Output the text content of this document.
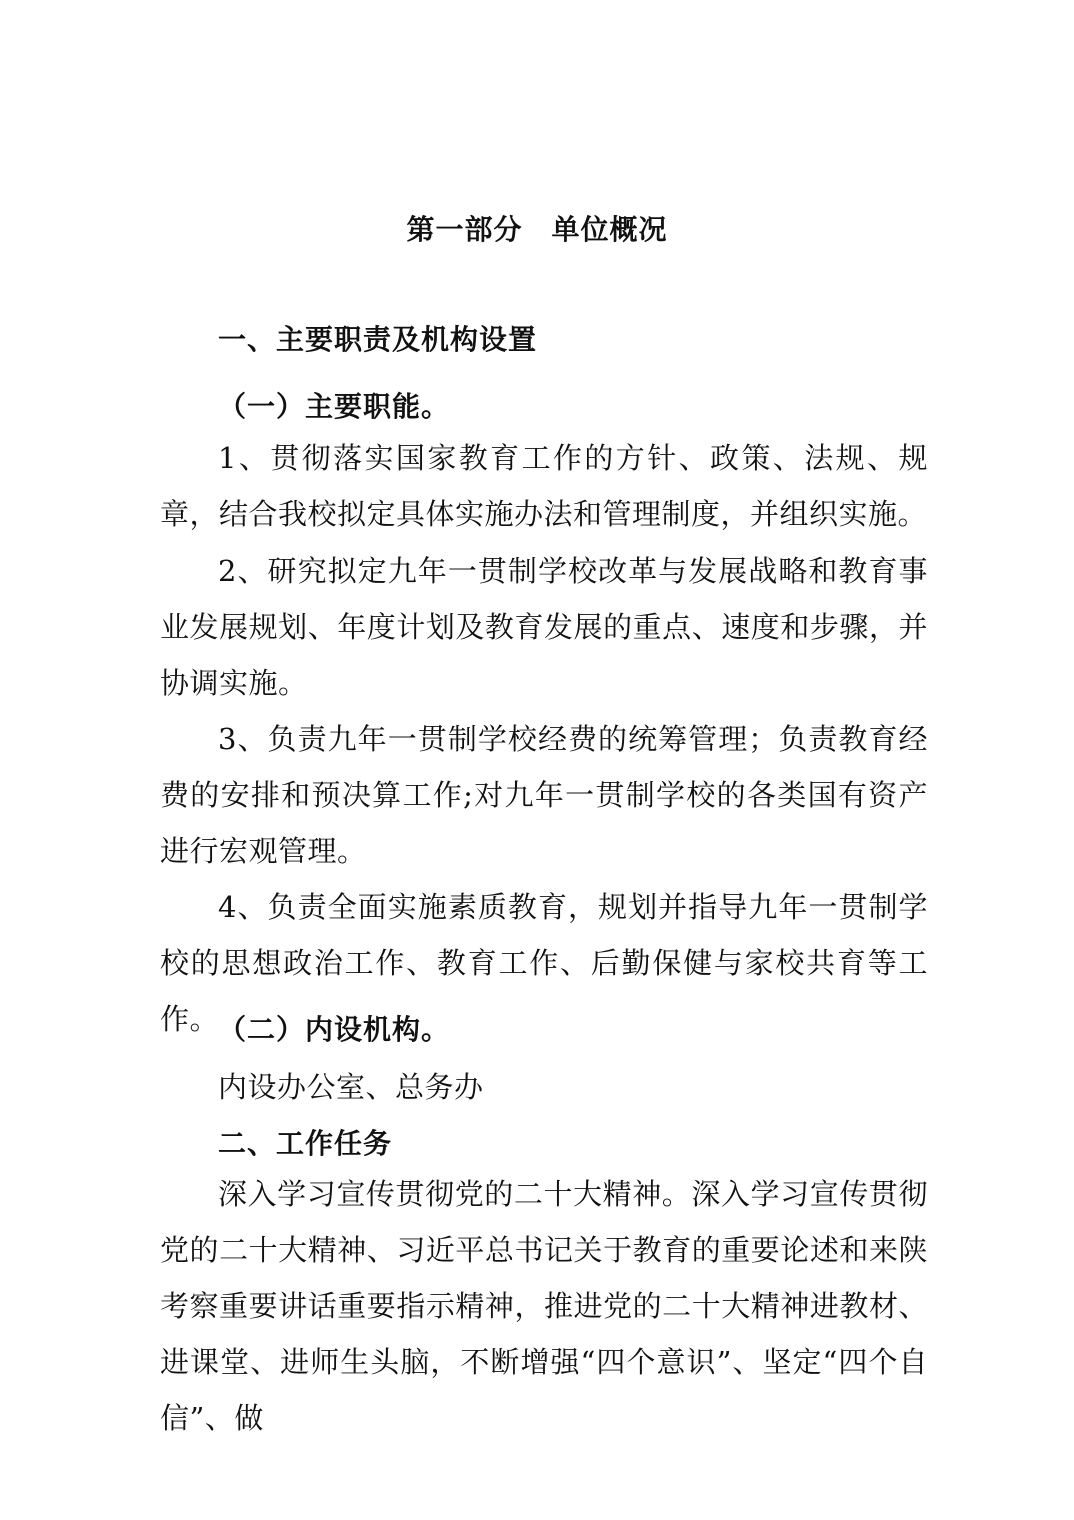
第一部分　单位概况
一、主要职责及机构设置
（一）主要职能。

1、贯彻落实国家教育工作的方针、政策、法规、规章，结合我校拟定具体实施办法和管理制度，并组织实施。

2、研究拟定九年一贯制学校改革与发展战略和教育事业发展规划、年度计划及教育发展的重点、速度和步骤，并协调实施。

3、负责九年一贯制学校经费的统筹管理；负责教育经费的安排和预决算工作;对九年一贯制学校的各类国有资产进行宏观管理。

4、负责全面实施素质教育，规划并指导九年一贯制学校的思想政治工作、教育工作、后勤保健与家校共育等工作。

（二）内设机构。

内设办公室、总务办

二、工作任务

深入学习宣传贯彻党的二十大精神。深入学习宣传贯彻党的二十大精神、习近平总书记关于教育的重要论述和来陕考察重要讲话重要指示精神，推进党的二十大精神进教材、进课堂、进师生头脑，不断增强“四个意识”、坚定“四个自信”、做
